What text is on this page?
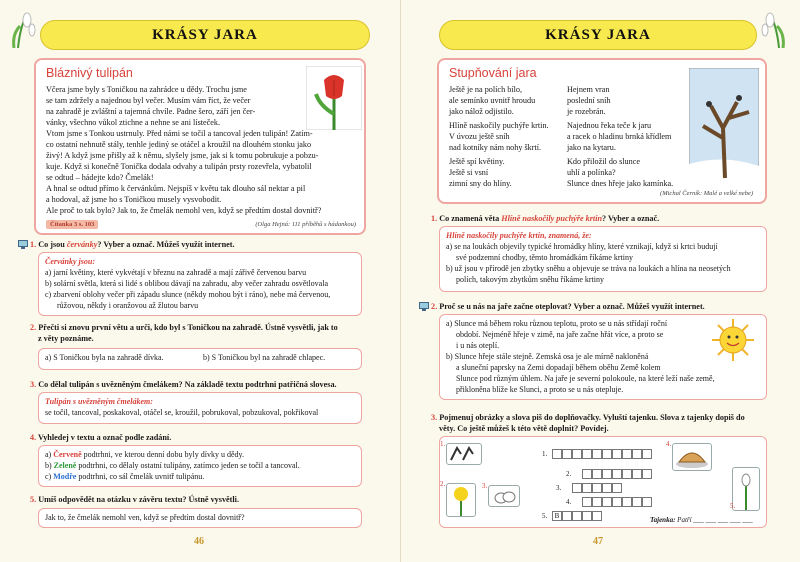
KRÁSY JARA
Bláznivý tulipán
Včera jsme byly s Toničkou na zahrádce u dědy. Trochu jsme
se tam zdržely a najednou byl večer. Musím vám říct, že večer
na zahradě je zvláštní a tajemná chvíle. Padne šero, září jen čer-
vánky, všechno vůkol ztichne a nehne se ani lísteček.
Vtom jsme s Tonkou ustrnuly. Před námi se točil a tancoval jeden tulipán! Zatím-
co ostatní nehnutě stály, tenhle jediný se otáčel a kroužil na dlouhém stonku jako
živý! A když jsme přišly až k němu, slyšely jsme, jak si k tomu pobrukuje a pobzu-
kuje. Když si konečně Tonička dodala odvahy a tulipán prsty rozevřela, vybatolil
se odtud – hádejte kdo? Čmelák!
A hnal se odtud přímo k červánkům. Nejspíš v květu tak dlouho sál nektar a pil
a hodoval, až jsme ho s Toničkou musely vysvobodit.
Ale proč to tak bylo? Jak to, že čmelák nemohl ven, když se předtím dostal dovnitř?
Čítanka 3 s. 103	(Olga Hejná: 111 příběhů s hádankou)
1. Co jsou červánky? Vyber a označ. Můžeš využít internet.
Červánky jsou:
a) jarní květiny, které vykvétají v březnu na zahradě a mají zářivě červenou barvu
b) solární světla, která si lidé s oblibou dávají na zahradu, aby večer zahradu osvětlovala
c) zbarvení oblohy večer při západu slunce (někdy mohou být i ráno), nebe má červenou,
růžovou, někdy i oranžovou až žlutou barvu
2. Přečti si znovu první větu a urči, kdo byl s Toničkou na zahradě. Ústně vysvětli, jak to
z věty poznáme.
a) S Toničkou byla na zahradě dívka.	b) S Toničkou byl na zahradě chlapec.
3. Co dělal tulipán s uvězněným čmelákem? Na základě textu podtrhni patřičná slovesa.
Tulipán s uvězněným čmelákem:
se točil, tancoval, poskakoval, otáčel se, kroužil, pobrukoval, pobzukoval, pokřikoval
4. Vyhledej v textu a označ podle zadání.
a) Červeně podtrhni, ve kterou denní dobu byly dívky u dědy.
b) Zeleně podtrhni, co dělaly ostatní tulipány, zatímco jeden se točil a tancoval.
c) Modře podtrhni, co sál čmelák uvnitř tulipánu.
5. Umíš odpovědět na otázku v závěru textu? Ústně vysvětli.
Jak to, že čmelák nemohl ven, když se předtím dostal dovnitř?
46
KRÁSY JARA
Stupňování jara
Ještě je na polích bílo,
ale semínko uvnitř hroudu
jako nálož odjistilo.
Hlíně naskočily puchýře krtin.
V úvozu ještě sníh
nad kotníky nám nohy škrtí.
Ještě spí květiny.
Ještě si vsní
zimní sny do hlíny.
Hejnem vran
poslední sníh
je rozebrán.
Najednou řeka teče k jaru
a racek o hladinu brnká křídlem
jako na kytaru.
Kdo přiložil do slunce
uhlí a polínka?
Slunce dnes hřeje jako kamínka.
(Michal Černík: Malé a velké nebe)
1. Co znamená věta Hlíně naskočily puchýře krtin? Vyber a označ.
Hlíně naskočily puchýře krtin, znamená, že:
a) se na loukách objevily typické hromádky hlíny, které vznikají, když si krtci budují
své podzemní chodby, těmto hromádkám říkáme krtiny
b) už jsou v přírodě jen zbytky sněhu a objevuje se tráva na loukách a hlína na neosetých
polích, takovým zbytkům sněhu říkáme krtiny
2. Proč se u nás na jaře začne oteplovat? Vyber a označ. Můžeš využít internet.
a) Slunce má během roku různou teplotu, proto se u nás střídají roční
období. Nejméně hřeje v zimě, na jaře začne hřát více, a proto se
i u nás oteplí.
b) Slunce hřeje stále stejně. Zemská osa je ale mírně nakloněná
a sluneční paprsky na Zemi dopadají během oběhu Země kolem
Slunce pod různým úhlem. Na jaře je severní polokoule, na které leží naše země,
přikloněna blíže ke Slunci, a proto se u nás otepluje.
3. Pojmenuj obrázky a slova piš do doplňovačky. Vyluští tajenku. Slova z tajenky dopiš do
věty. Co ještě můžeš k této větě doplnit? Povídej.
1.
2.	3.
4.
5.
1.
2.
3.
4.
5.	B	Tajenka: Patří ___ ___ ___ ___ ___
47
